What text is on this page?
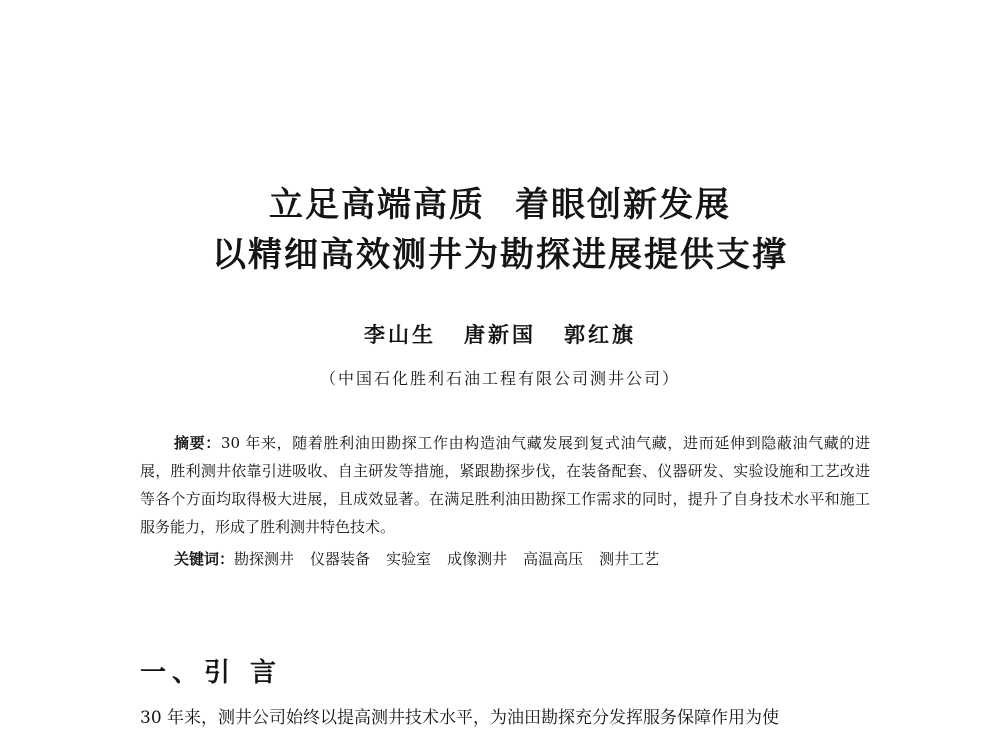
立足高端高质 着眼创新发展
以精细高效测井为勘探进展提供支撑
李山生 唐新国 郭红旗
（中国石化胜利石油工程有限公司测井公司）

摘要：30 年来，随着胜利油田勘探工作由构造油气藏发展到复式油气藏，进而延伸到隐蔽油气藏的进展，胜利测井依靠引进吸收、自主研发等措施，紧跟勘探步伐，在装备配套、仪器研发、实验设施和工艺改进等各个方面均取得极大进展，且成效显著。在满足胜利油田勘探工作需求的同时，提升了自身技术水平和施工服务能力，形成了胜利测井特色技术。

关键词：勘探测井 仪器装备 实验室 成像测井 高温高压 测井工艺
一、引 言

30 年来，测井公司始终以提高测井技术水平，为油田勘探充分发挥服务保障作用为使
